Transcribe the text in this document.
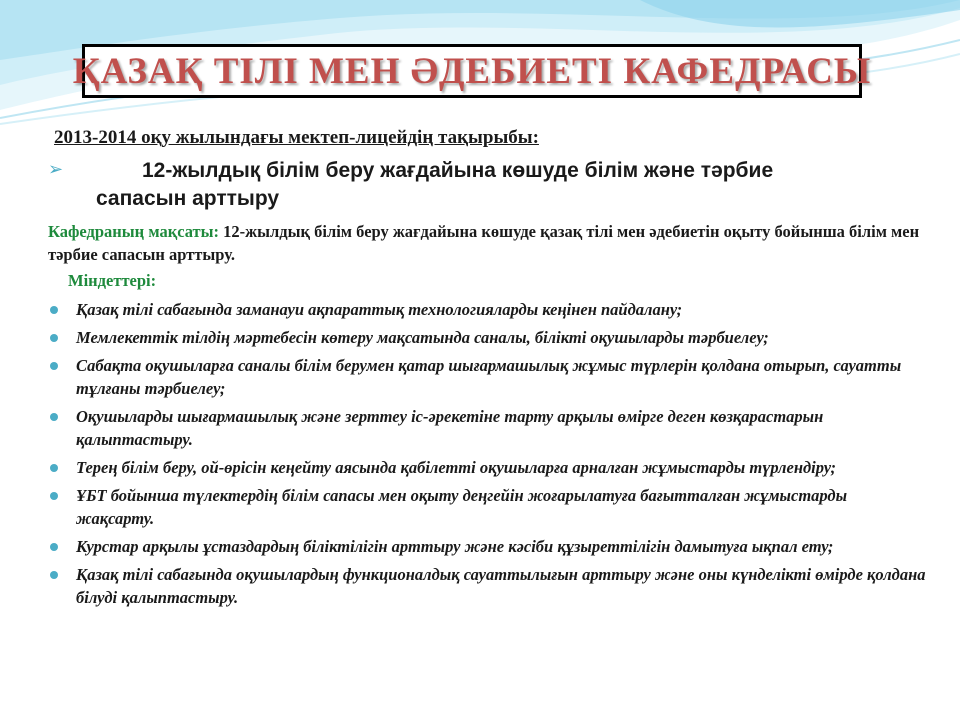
ҚАЗАҚ ТІЛІ МЕН ӘДЕБИЕТІ КАФЕДРАСЫ
2013-2014 оқу жылындағы мектеп-лицейдің тақырыбы:
➢	12-жылдық білім беру жағдайына көшуде білім және тәрбие
сапасын арттыру
Кафедраның мақсаты: 12-жылдық білім беру жағдайына көшуде қазақ тілі мен әдебиетін оқыту бойынша білім мен тәрбие сапасын арттыру.
Міндеттері:
Қазақ тілі сабағында заманауи ақпараттық технологияларды кеңінен пайдалану;
Мемлекеттік тілдің мәртебесін көтеру мақсатында саналы, білікті оқушыларды тәрбиелеу;
Сабақта оқушыларға саналы білім берумен қатар шығармашылық жұмыс түрлерін қолдана отырып, сауатты тұлғаны тәрбиелеу;
Оқушыларды шығармашылық және зерттеу іс-әрекетіне тарту арқылы өмірге деген көзқарастарын қалыптастыру.
Терең білім беру, ой-өрісін кеңейту аясында қабілетті оқушыларға арналған жұмыстарды түрлендіру;
ҰБТ бойынша түлектердің білім сапасы мен оқыту деңгейін жоғарылатуға бағытталған жұмыстарды жақсарту.
Курстар арқылы ұстаздардың біліктілігін арттыру және кәсіби құзыреттілігін дамытуға ықпал ету;
Қазақ тілі сабағында оқушылардың функционалдық сауаттылығын арттыру және оны күнделікті өмірде қолдана білуді қалыптастыру.
